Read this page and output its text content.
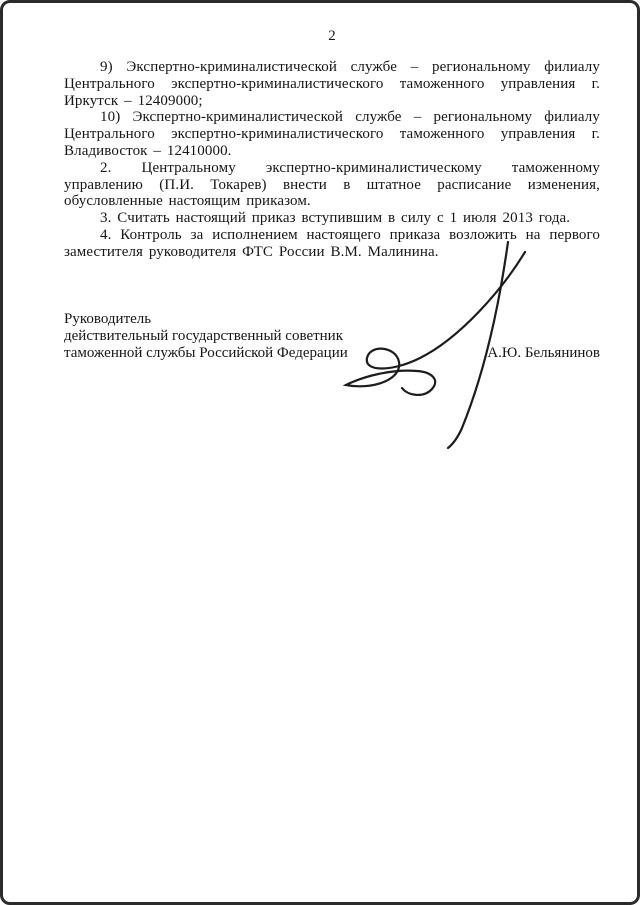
2

9) Экспертно-криминалистической службе – региональному филиалу Центрального экспертно-криминалистического таможенного управления г. Иркутск – 12409000;

10) Экспертно-криминалистической службе – региональному филиалу Центрального экспертно-криминалистического таможенного управления г. Владивосток – 12410000.

2. Центральному экспертно-криминалистическому таможенному управлению (П.И. Токарев) внести в штатное расписание изменения, обусловленные настоящим приказом.

3. Считать настоящий приказ вступившим в силу с 1 июля 2013 года.

4. Контроль за исполнением настоящего приказа возложить на первого заместителя руководителя ФТС России В.М. Малинина.

Руководитель
действительный государственный советник
таможенной службы Российской Федерации	А.Ю. Бельянинов
